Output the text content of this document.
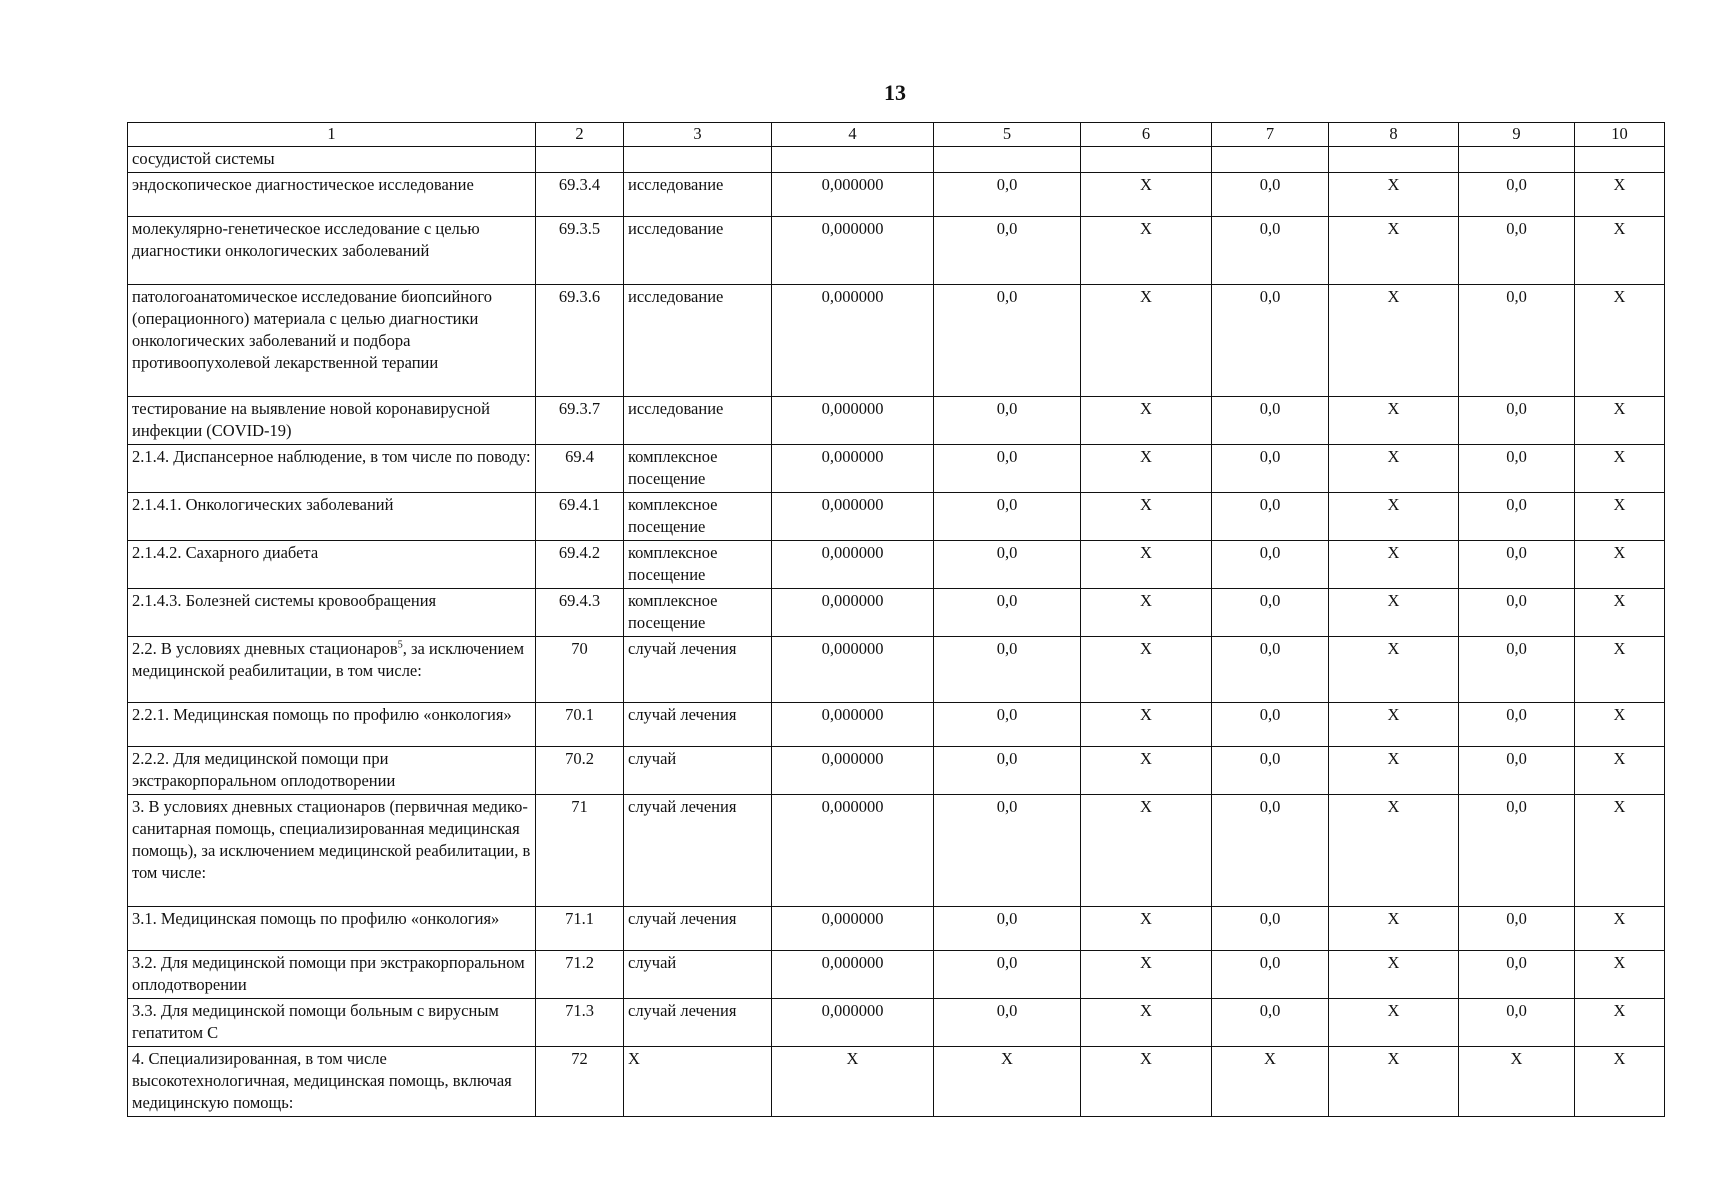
13
1	2	3	4	5	6	7	8	9	10
сосудистой системы									
эндоскопическое диагностическое исследование	69.3.4	исследование	0,000000	0,0	X	0,0	X	0,0	X
молекулярно-генетическое исследование с целью диагностики онкологических заболеваний	69.3.5	исследование	0,000000	0,0	X	0,0	X	0,0	X
патологоанатомическое исследование биопсийного (операционного) материала с целью диагностики онкологических заболеваний и подбора противоопухолевой лекарственной терапии	69.3.6	исследование	0,000000	0,0	X	0,0	X	0,0	X
тестирование на выявление новой коронавирусной инфекции (COVID-19)	69.3.7	исследование	0,000000	0,0	X	0,0	X	0,0	X
2.1.4. Диспансерное наблюдение, в том числе по поводу:	69.4	комплексное посещение	0,000000	0,0	X	0,0	X	0,0	X
2.1.4.1. Онкологических заболеваний	69.4.1	комплексное посещение	0,000000	0,0	X	0,0	X	0,0	X
2.1.4.2. Сахарного диабета	69.4.2	комплексное посещение	0,000000	0,0	X	0,0	X	0,0	X
2.1.4.3. Болезней системы кровообращения	69.4.3	комплексное посещение	0,000000	0,0	X	0,0	X	0,0	X
2.2. В условиях дневных стационаров$^5$, за исключением медицинской реабилитации, в том числе:	70	случай лечения	0,000000	0,0	X	0,0	X	0,0	X
2.2.1. Медицинская помощь по профилю «онкология»	70.1	случай лечения	0,000000	0,0	X	0,0	X	0,0	X
2.2.2. Для медицинской помощи при экстракорпоральном оплодотворении	70.2	случай	0,000000	0,0	X	0,0	X	0,0	X
3. В условиях дневных стационаров (первичная медико-санитарная помощь, специализированная медицинская помощь), за исключением медицинской реабилитации, в том числе:	71	случай лечения	0,000000	0,0	X	0,0	X	0,0	X
3.1. Медицинская помощь по профилю «онкология»	71.1	случай лечения	0,000000	0,0	X	0,0	X	0,0	X
3.2. Для медицинской помощи при экстракорпоральном оплодотворении	71.2	случай	0,000000	0,0	X	0,0	X	0,0	X
3.3. Для медицинской помощи больным с вирусным гепатитом С	71.3	случай лечения	0,000000	0,0	X	0,0	X	0,0	X
4. Специализированная, в том числе высокотехнологичная, медицинская помощь, включая медицинскую помощь:	72	X	X	X	X	X	X	X	X
